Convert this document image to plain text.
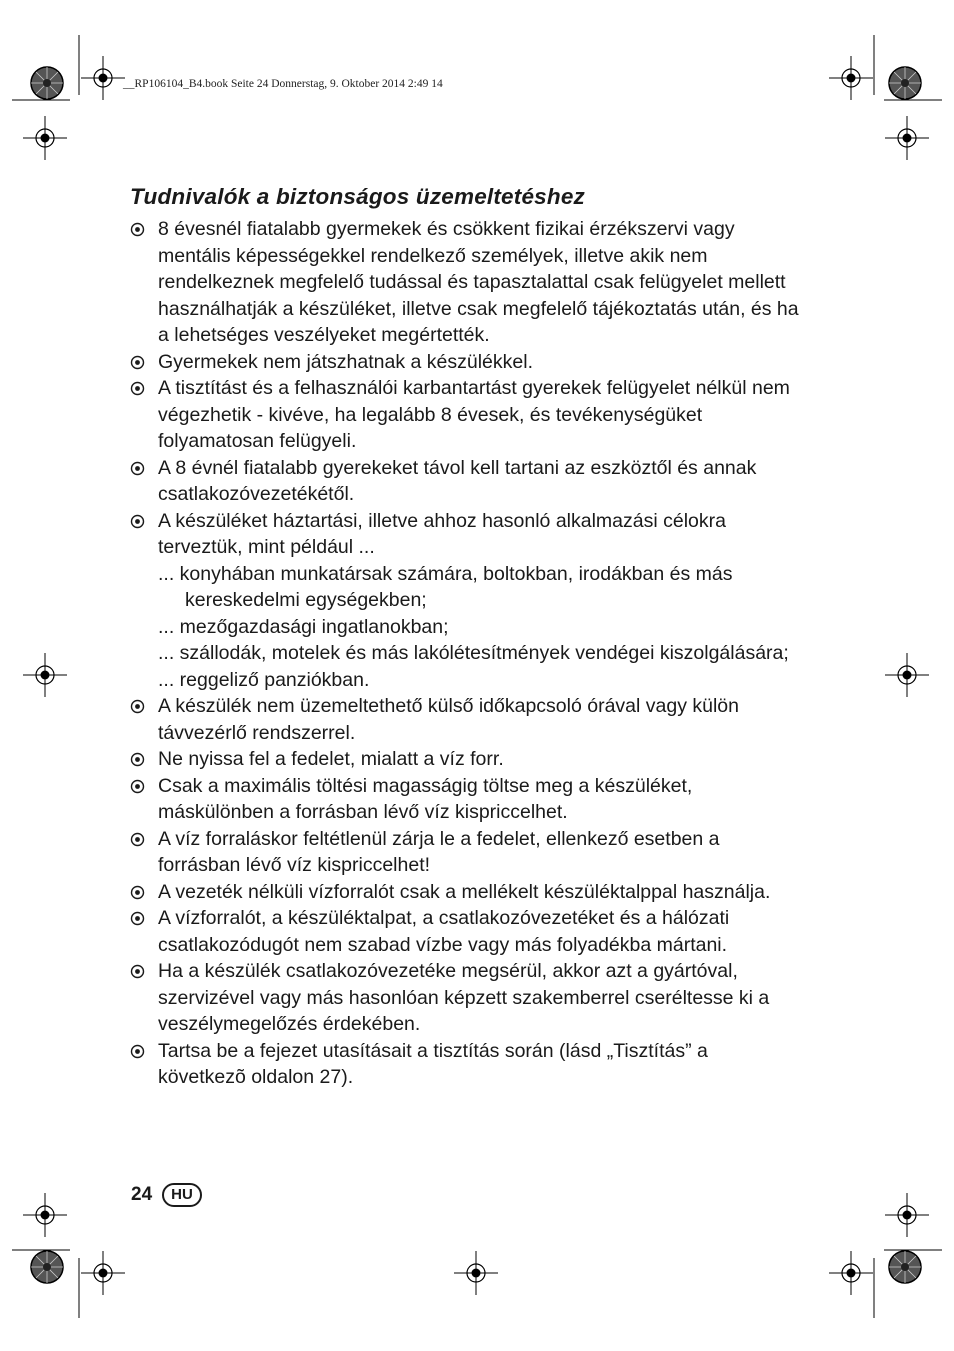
__RP106104_B4.book Seite 24 Donnerstag, 9. Oktober 2014 2:49 14
Tudnivalók a biztonságos üzemeltetéshez
8 évesnél fiatalabb gyermekek és csökkent fizikai érzékszervi vagy mentális képességekkel rendelkező személyek, illetve akik nem rendelkeznek megfelelő tudással és tapasztalattal csak felügyelet mellett használhatják a készüléket, illetve csak megfelelő tájékoztatás után, és ha a lehetséges veszélyeket megértették.
Gyermekek nem játszhatnak a készülékkel.
A tisztítást és a felhasználói karbantartást gyerekek felügyelet nélkül nem végezhetik - kivéve, ha legalább 8 évesek, és tevékenységüket folyamatosan felügyeli.
A 8 évnél fiatalabb gyerekeket távol kell tartani az eszköztől és annak csatlakozóvezetékétől.
A készüléket háztartási, illetve ahhoz hasonló alkalmazási célokra terveztük, mint például ...
... konyhában munkatársak számára, boltokban, irodákban és más kereskedelmi egységekben;
... mezőgazdasági ingatlanokban;
... szállodák, motelek és más lakólétesítmények vendégei kiszolgálására;
... reggeliző panziókban.
A készülék nem üzemeltethető külső időkapcsoló órával vagy külön távvezérlő rendszerrel.
Ne nyissa fel a fedelet, mialatt a víz forr.
Csak a maximális töltési magasságig töltse meg a készüléket, máskülönben a forrásban lévő víz kispriccelhet.
A víz forraláskor feltétlenül zárja le a fedelet, ellenkező esetben a forrásban lévő víz kispriccelhet!
A vezeték nélküli vízforralót csak a mellékelt készüléktalppal használja.
A vízforralót, a készüléktalpat, a csatlakozóvezetéket és a hálózati csatlakozódugót nem szabad vízbe vagy más folyadékba mártani.
Ha a készülék csatlakozóvezetéke megsérül, akkor azt a gyártóval, szervizével vagy más hasonlóan képzett szakemberrel cseréltesse ki a veszélymegelőzés érdekében.
Tartsa be a fejezet utasításait a tisztítás során (lásd „Tisztítás” a következõ oldalon 27).
24	HU
